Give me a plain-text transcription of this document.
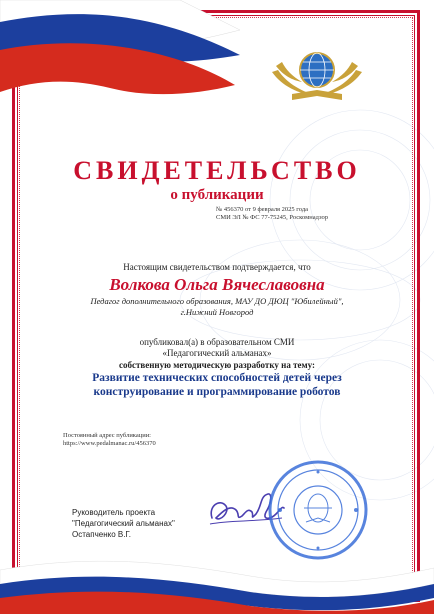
СВИДЕТЕЛЬСТВО
о публикации
№ 456370 от 9 февраля 2025 года
СМИ ЭЛ № ФС 77-75245, Роскомнадзор
Настоящим свидетельством подтверждается, что
Волкова Ольга Вячеславовна
Педагог дополнительного образования, МАУ ДО ДЮЦ "Юбилейный",
г.Нижний Новгород
опубликовал(а) в образовательном СМИ
«Педагогический альманах»
собственную методическую разработку на тему:
Развитие технических способностей детей через
конструирование и программирование роботов
Постоянный адрес публикации:
https://www.pedalmanac.ru/456370
Руководитель проекта
"Педагогический альманах"
Остапченко В.Г.
